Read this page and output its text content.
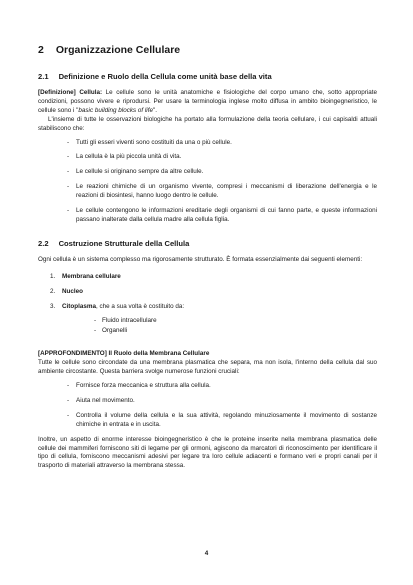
2 Organizzazione Cellulare
2.1 Definizione e Ruolo della Cellula come unità base della vita

[Definizione] Cellula: Le cellule sono le unità anatomiche e fisiologiche del corpo umano che, sotto appropriate condizioni, possono vivere e riprodursi. Per usare la terminologia inglese molto diffusa in ambito bioingegneristico, le cellule sono i "basic building blocks of life".

L'insieme di tutte le osservazioni biologiche ha portato alla formulazione della teoria cellulare, i cui capisaldi attuali stabiliscono che:

- Tutti gli esseri viventi sono costituiti da una o più cellule.
- La cellula è la più piccola unità di vita.
- Le cellule si originano sempre da altre cellule.
- Le reazioni chimiche di un organismo vivente, compresi i meccanismi di liberazione dell'energia e le reazioni di biosintesi, hanno luogo dentro le cellule.
- Le cellule contengono le informazioni ereditarie degli organismi di cui fanno parte, e queste informazioni passano inalterate dalla cellula madre alla cellula figlia.
2.2 Costruzione Strutturale della Cellula

Ogni cellula è un sistema complesso ma rigorosamente strutturato. È formata essenzialmente dai seguenti elementi:

1. Membrana cellulare
2. Nucleo
3. Citoplasma, che a sua volta è costituito da:
- Fluido intracellulare
- Organelli

[APPROFONDIMENTO] Il Ruolo della Membrana Cellulare

Tutte le cellule sono circondate da una membrana plasmatica che separa, ma non isola, l'interno della cellula dal suo ambiente circostante. Questa barriera svolge numerose funzioni cruciali:

- Fornisce forza meccanica e struttura alla cellula.
- Aiuta nel movimento.
- Controlla il volume della cellula e la sua attività, regolando minuziosamente il movimento di sostanze chimiche in entrata e in uscita.

Inoltre, un aspetto di enorme interesse bioingegneristico è che le proteine inserite nella membrana plasmatica delle cellule dei mammiferi forniscono siti di legame per gli ormoni, agiscono da marcatori di riconoscimento per identificare il tipo di cellula, forniscono meccanismi adesivi per legare tra loro cellule adiacenti e formano veri e propri canali per il trasporto di materiali attraverso la membrana stessa.

4
